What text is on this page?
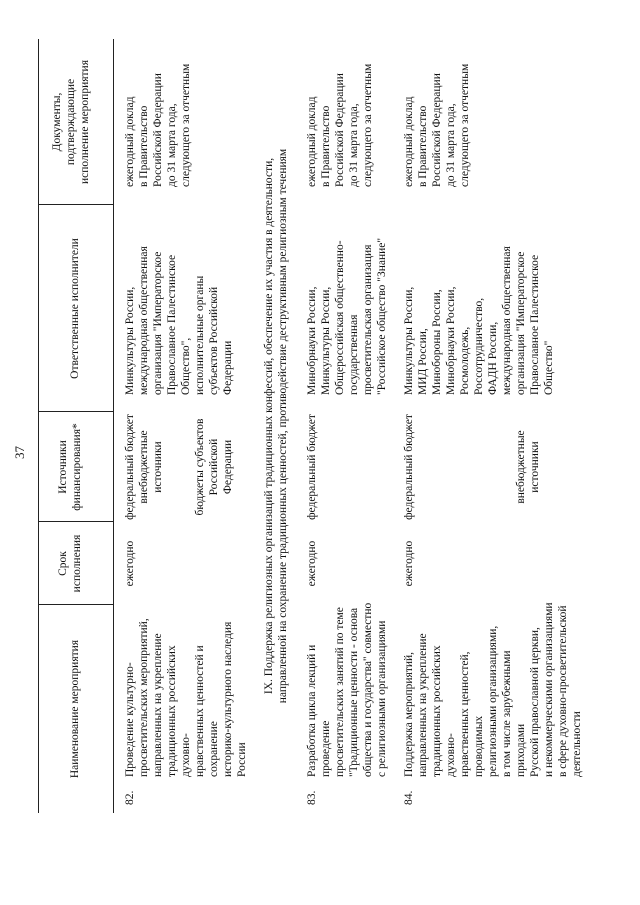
37
Наименование мероприятия
Срок исполнения
Источники финансирования*
Ответственные исполнители
Документы, подтверждающие исполнение мероприятия
82.
Проведение культурно- просветительских мероприятий, направленных на укрепление традиционных российских духовно- нравственных ценностей и сохранение историко-культурного наследия России
ежегодно
федеральный бюджет внебюджетные источники	бюджеты субъектов Российской Федерации
Минкультуры России, международная общественная организация "Императорское Православное Палестинское Общество", исполнительные органы субъектов Российской Федерации
ежегодный доклад в Правительство Российской Федерации до 31 марта года, следующего за отчетным
IX. Поддержка религиозных организаций традиционных конфессий, обеспечение их участия в деятельности, направленной на сохранение традиционных ценностей, противодействие деструктивным религиозным течениям
83.
Разработка цикла лекций и проведение просветительских занятий по теме "Традиционные ценности - основа общества и государства" совместно с религиозными организациями
ежегодно
федеральный бюджет
Минобрнауки России, Минкультуры России, Общероссийская общественно- государственная просветительская организация "Российское общество "Знание"
ежегодный доклад в Правительство Российской Федерации до 31 марта года, следующего за отчетным
84.
Поддержка мероприятий, направленных на укрепление традиционных российских духовно- нравственных ценностей, проводимых религиозными организациями, в том числе зарубежными приходами Русской православной церкви, и некоммерческими организациями в сфере духовно-просветительской деятельности
ежегодно
федеральный бюджет	внебюджетные источники
Минкультуры России, МИД России, Минобороны России, Минобрнауки России, Росмолодежь, Россотрудничество, ФАДН России, международная общественная организация "Императорское Православное Палестинское Общество"
ежегодный доклад в Правительство Российской Федерации до 31 марта года, следующего за отчетным
